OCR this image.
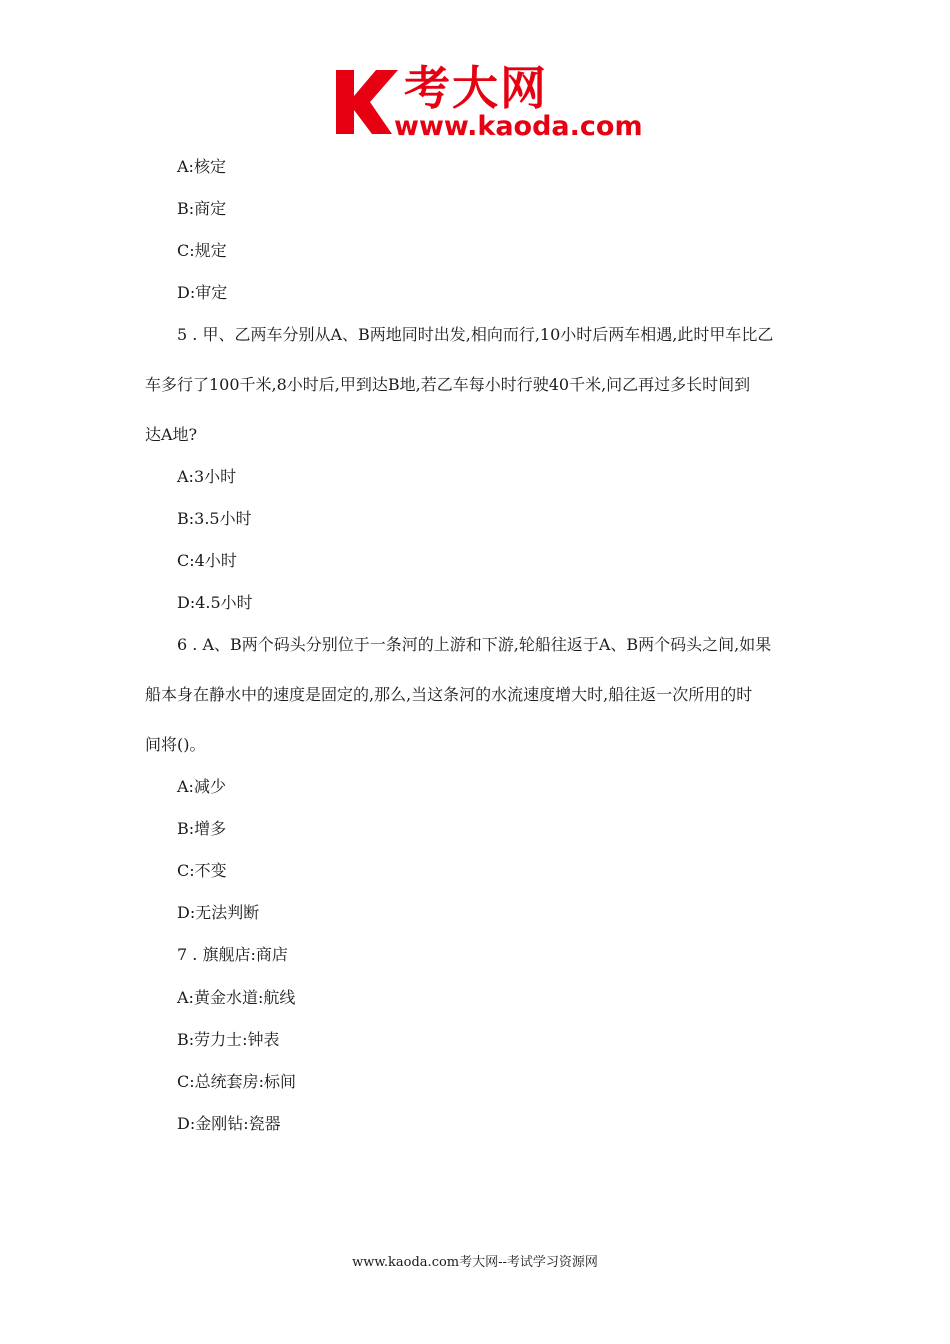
考大网
www.kaoda.com
A:核定
B:商定
C:规定
D:审定
5 . 甲、乙两车分别从A、B两地同时出发,相向而行,10小时后两车相遇,此时甲车比乙
车多行了100千米,8小时后,甲到达B地,若乙车每小时行驶40千米,问乙再过多长时间到
达A地?
A:3小时
B:3.5小时
C:4小时
D:4.5小时
6 . A、B两个码头分别位于一条河的上游和下游,轮船往返于A、B两个码头之间,如果
船本身在静水中的速度是固定的,那么,当这条河的水流速度增大时,船往返一次所用的时
间将()。
A:减少
B:增多
C:不变
D:无法判断
7 . 旗舰店:商店
A:黄金水道:航线
B:劳力士:钟表
C:总统套房:标间
D:金刚钻:瓷器
www.kaoda.com考大网--考试学习资源网
